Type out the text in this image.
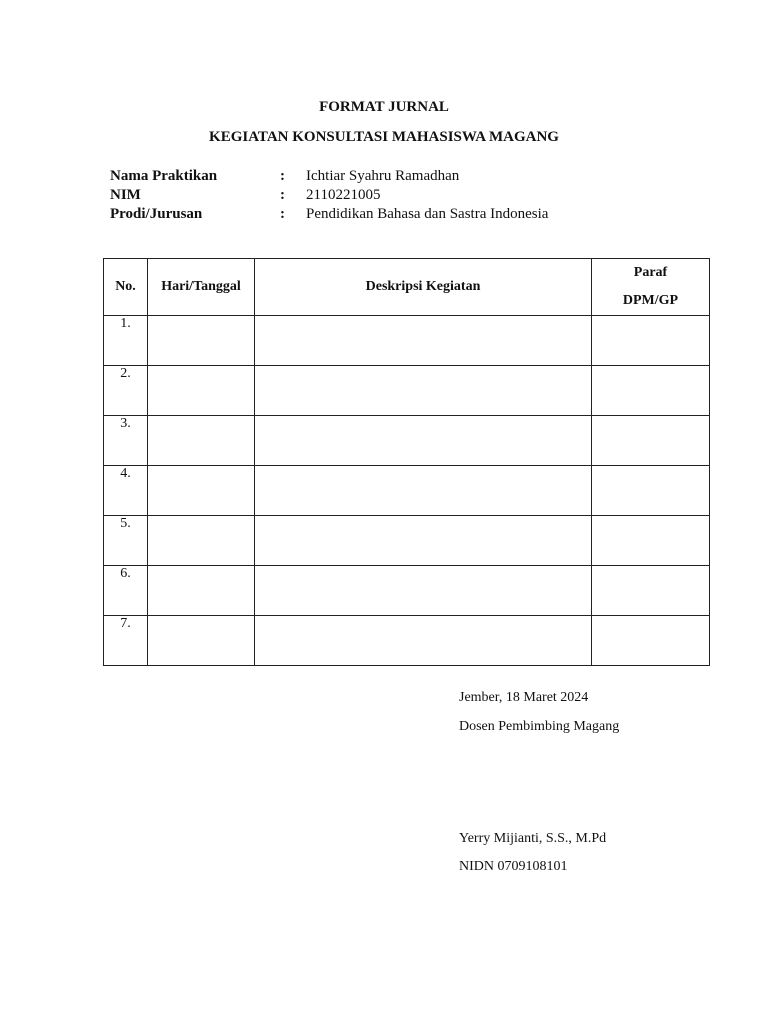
FORMAT JURNAL
KEGIATAN KONSULTASI MAHASISWA MAGANG
Nama Praktikan	: Ichtiar Syahru Ramadhan
NIM	: 2110221005
Prodi/Jurusan	: Pendidikan Bahasa dan Sastra Indonesia
No.	Hari/Tanggal	Deskripsi Kegiatan	Paraf
DPM/GP

1.			
2.			
3.			
4.			
5.			
6.			
7.			
Jember, 18 Maret 2024
Dosen Pembimbing Magang
Yerry Mijianti, S.S., M.Pd
NIDN 0709108101
